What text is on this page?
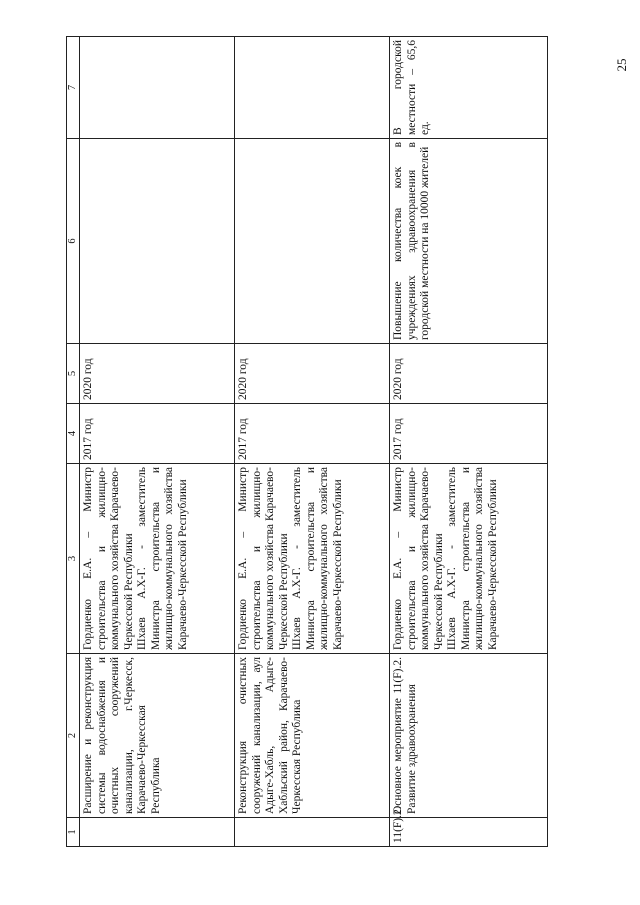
25
1	2	3	4	5	6	7
	Расширение и реконструкция системы водоснабжения и очистных сооружений канализации, г.Черкесск, Карачаево-Черкесская Республика	Гордиенко Е.А. – Министр строительства и жилищно-коммунального хозяйства Карачаево-Черкесской Республики Шхаев А.Х-Г. - заместитель Министра строительства и жилищно-коммунального хозяйства Карачаево-Черкесской Республики	2017 год	2020 год		
	Реконструкция очистных сооружений канализации, аул Адыге-Хабль, Адыге-Хабльский район, Карачаево-Черкесская Республика	Гордиенко Е.А. – Министр строительства и жилищно-коммунального хозяйства Карачаево-Черкесской Республики Шхаев А.Х-Г. - заместитель Министра строительства и жилищно-коммунального хозяйства Карачаево-Черкесской Республики	2017 год	2020 год		
11(F).2.	Основное мероприятие 11(F).2. Развитие здравоохранения	Гордиенко Е.А. – Министр строительства и жилищно-коммунального хозяйства Карачаево-Черкесской Республики Шхаев А.Х-Г. - заместитель Министра строительства и жилищно-коммунального хозяйства Карачаево-Черкесской Республики	2017 год	2020 год	Повышение количества коек в учреждениях здравоохранения в городской местности на 10000 жителей	В городской местности – 65,6 ед.
